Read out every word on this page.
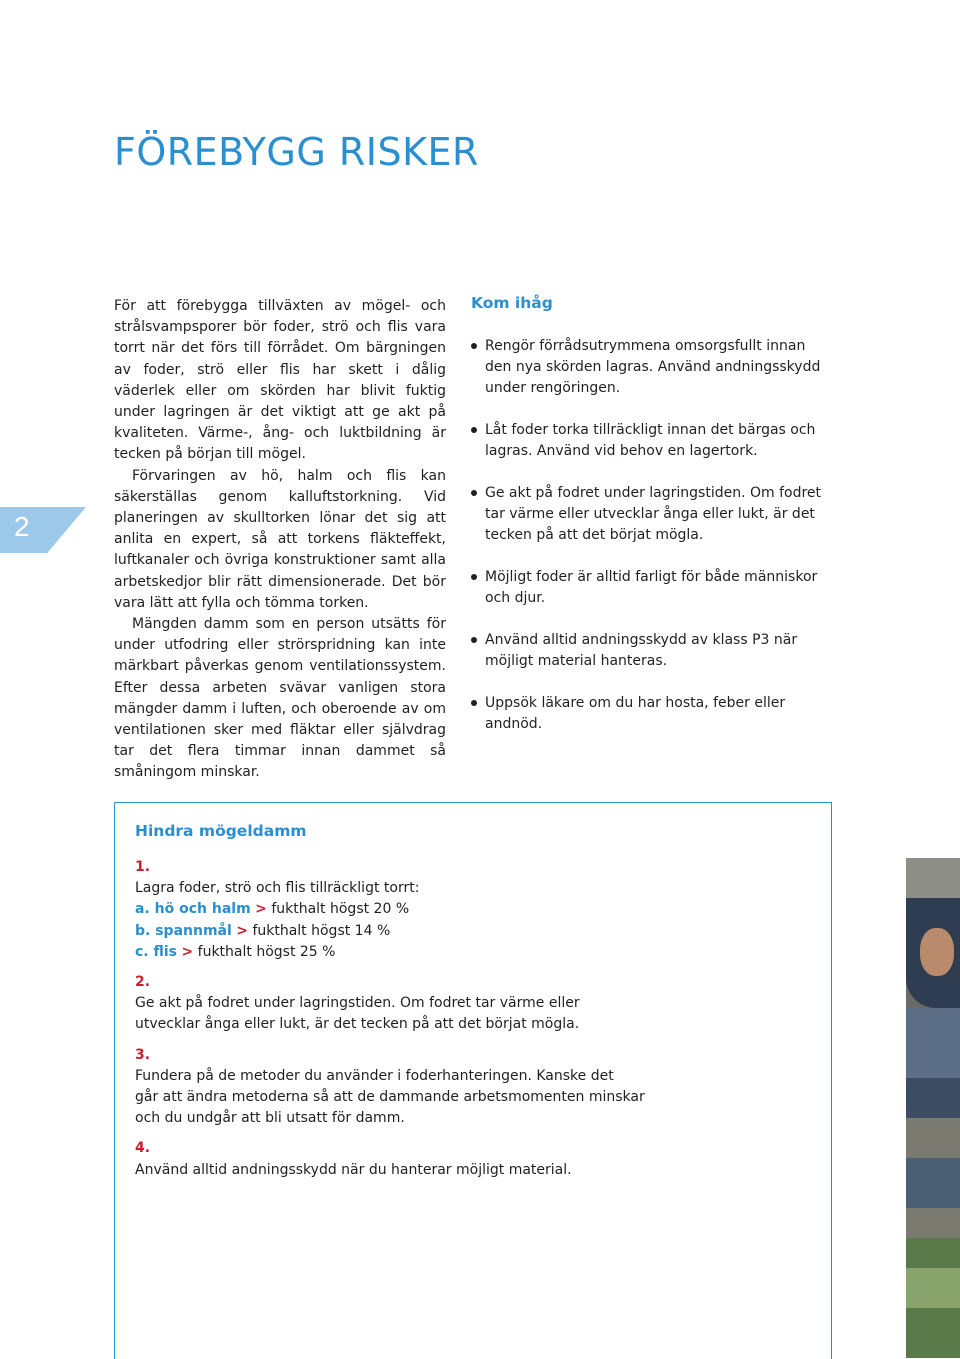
FÖREBYGG RISKER
2

För att förebygga tillväxten av mögel- och strålsvampsporer bör foder, strö och flis vara torrt när det förs till förrådet. Om bärgningen av foder, strö eller flis har skett i dålig väderlek eller om skörden har blivit fuktig under lagringen är det viktigt att ge akt på kvaliteten. Värme-, ång- och luktbildning är tecken på början till mögel.

Förvaringen av hö, halm och flis kan säkerställas genom kalluftstorkning. Vid planeringen av skulltorken lönar det sig att anlita en expert, så att torkens fläkteffekt, luftkanaler och övriga konstruktioner samt alla arbetskedjor blir rätt dimensionerade. Det bör vara lätt att fylla och tömma torken.

Mängden damm som en person utsätts för under utfodring eller strörspridning kan inte märkbart påverkas genom ventilationssystem. Efter dessa arbeten svävar vanligen stora mängder damm i luften, och oberoende av om ventilationen sker med fläktar eller självdrag tar det flera timmar innan dammet så småningom minskar.

Kom ihåg
Rengör förrådsutrymmena omsorgsfullt innan den nya skörden lagras. Använd andningsskydd under rengöringen.
Låt foder torka tillräckligt innan det bärgas och lagras. Använd vid behov en lagertork.
Ge akt på fodret under lagringstiden. Om fodret tar värme eller utvecklar ånga eller lukt, är det tecken på att det börjat mögla.
Möjligt foder är alltid farligt för både människor och djur.
Använd alltid andningsskydd av klass P3 när möjligt material hanteras.
Uppsök läkare om du har hosta, feber eller andnöd.
Hindra mögeldamm
1.
Lagra foder, strö och flis tillräckligt torrt:
a. hö och halm > fukthalt högst 20 %
b. spannmål > fukthalt högst 14 %
c. flis > fukthalt högst 25 %
2.
Ge akt på fodret under lagringstiden. Om fodret tar värme eller
utvecklar ånga eller lukt, är det tecken på att det börjat mögla.
3.
Fundera på de metoder du använder i foderhanteringen. Kanske det
går att ändra metoderna så att de dammande arbetsmomenten minskar
och du undgår att bli utsatt för damm.
4.
Använd alltid andningsskydd när du hanterar möjligt material.
